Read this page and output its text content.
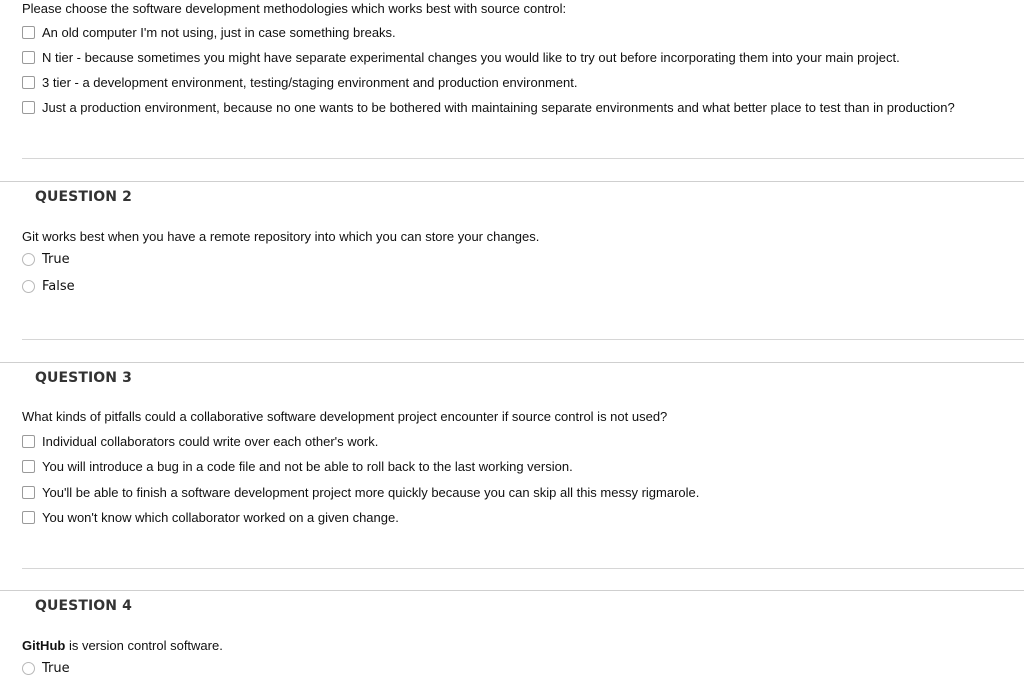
Please choose the software development methodologies which works best with source control:
An old computer I'm not using, just in case something breaks.
N tier - because sometimes you might have separate experimental changes you would like to try out before incorporating them into your main project.
3 tier - a development environment, testing/staging environment and production environment.
Just a production environment, because no one wants to be bothered with maintaining separate environments and what better place to test than in production?
QUESTION 2
Git works best when you have a remote repository into which you can store your changes.
True
False
QUESTION 3
What kinds of pitfalls could a collaborative software development project encounter if source control is not used?
Individual collaborators could write over each other's work.
You will introduce a bug in a code file and not be able to roll back to the last working version.
You'll be able to finish a software development project more quickly because you can skip all this messy rigmarole.
You won't know which collaborator worked on a given change.
QUESTION 4
GitHub is version control software.
True
